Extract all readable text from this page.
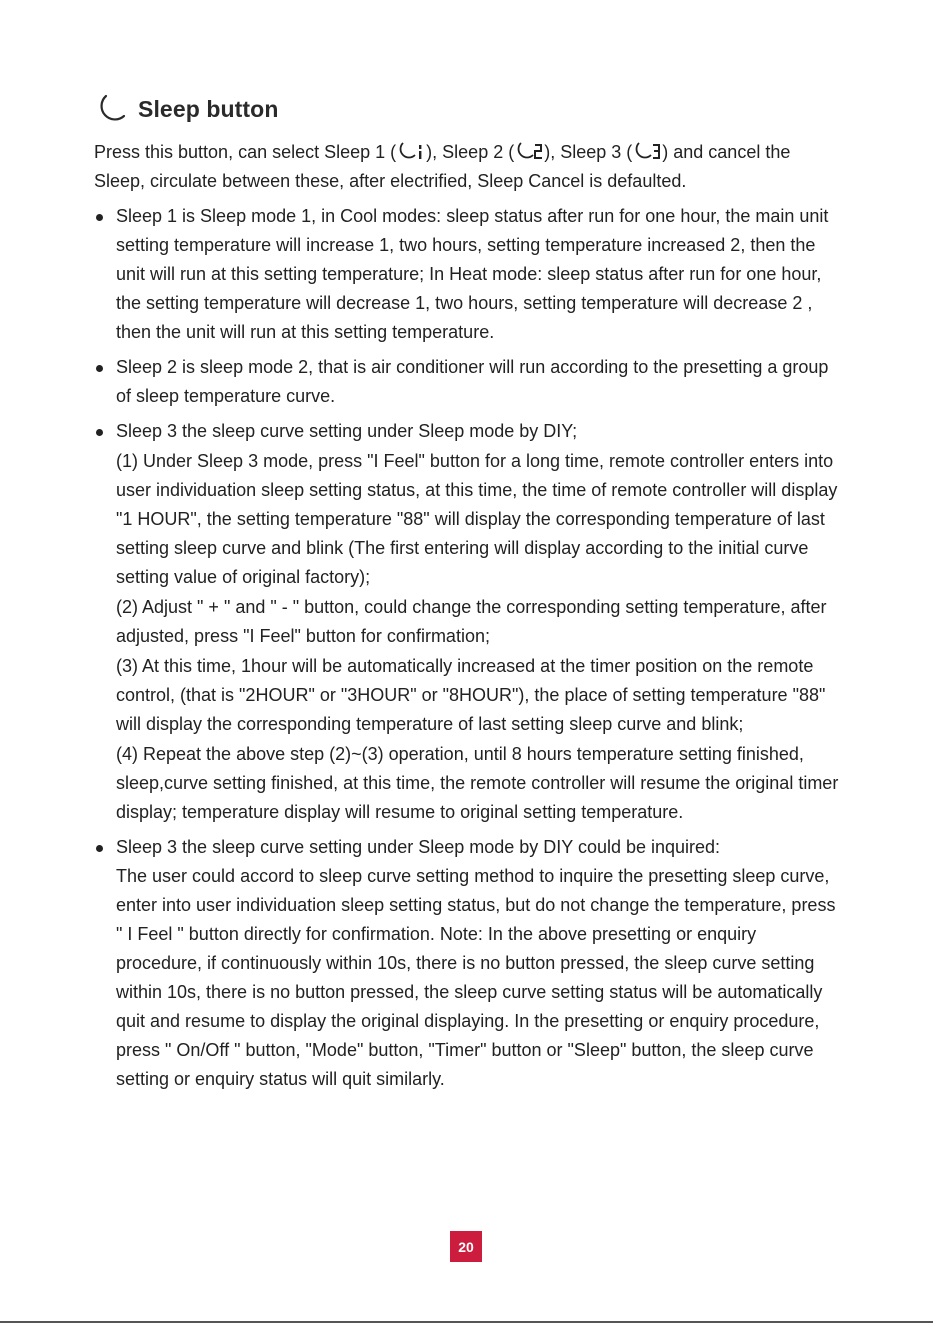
Sleep button

Press this button, can select Sleep 1 ( ), Sleep 2 ( ), Sleep 3 ( ) and cancel the Sleep, circulate between these, after electrified, Sleep Cancel is defaulted.

Sleep 1 is Sleep mode 1, in Cool modes: sleep status after run for one hour, the main unit setting temperature will increase 1, two hours, setting temperature increased 2, then the unit will run at this setting temperature; In Heat mode: sleep status after run for one hour, the setting temperature will decrease 1, two hours, setting temperature will decrease 2 , then the unit will run at this setting temperature.
Sleep 2 is sleep mode 2, that is air conditioner will run according to the presetting a group of sleep temperature curve.
Sleep 3 the sleep curve setting under Sleep mode by DIY;
(1) Under Sleep 3 mode, press "I Feel" button for a long time, remote controller enters into user individuation sleep setting status, at this time, the time of remote controller will display "1 HOUR", the setting temperature "88" will display the corresponding temperature of last setting sleep curve and blink (The first entering will display according to the initial curve setting value of original factory);
(2) Adjust " + " and " - " button, could change the corresponding setting temperature, after adjusted, press "I Feel" button for confirmation;
(3) At this time, 1hour will be automatically increased at the timer position on the remote control, (that is "2HOUR" or "3HOUR" or "8HOUR"), the place of setting temperature "88" will display the corresponding temperature of last setting sleep curve and blink;
(4) Repeat the above step (2)~(3) operation, until 8 hours temperature setting finished, sleep,curve setting finished, at this time, the remote controller will resume the original timer display; temperature display will resume to original setting temperature.
Sleep 3 the sleep curve setting under Sleep mode by DIY could be inquired:
The user could accord to sleep curve setting method to inquire the presetting sleep curve, enter into user individuation sleep setting status, but do not change the temperature, press " I Feel " button directly for confirmation. Note: In the above presetting or enquiry procedure, if continuously within 10s, there is no button pressed, the sleep curve setting within 10s, there is no button pressed, the sleep curve setting status will be automatically quit and resume to display the original displaying. In the presetting or enquiry procedure, press " On/Off " button, "Mode" button, "Timer" button or "Sleep" button, the sleep curve setting or enquiry status will quit similarly.
20
